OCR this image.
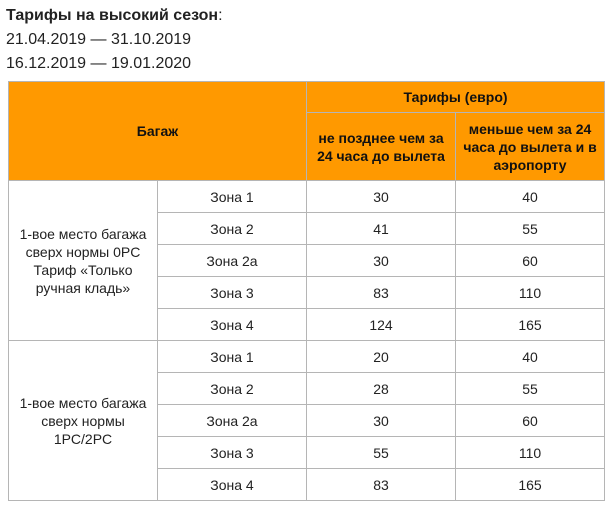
Тарифы на высокий сезон:
21.04.2019 — 31.10.2019
16.12.2019 — 19.01.2020
Багаж		Тарифы (евро)	
		не позднее чем за 24 часа до вылета	меньше чем за 24 часа до вылета и в аэропорту
1-вое место багажа сверх нормы 0PC Тариф «Только ручная кладь»	Зона 1	30	40
	Зона 2	41	55
	Зона 2а	30	60
	Зона 3	83	110
	Зона 4	124	165
1-вое место багажа сверх нормы 1PC/2PC	Зона 1	20	40
	Зона 2	28	55
	Зона 2а	30	60
	Зона 3	55	110
	Зона 4	83	165
